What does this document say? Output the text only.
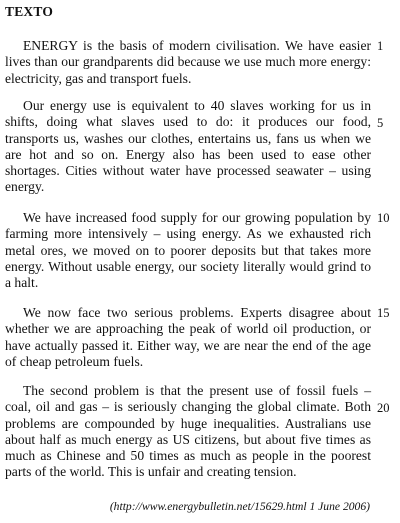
TEXTO

ENERGY is the basis of modern civilisation. We have easier lives than our grandparents did because we use much more energy: electricity, gas and transport fuels.

Our energy use is equivalent to 40 slaves working for us in shifts, doing what slaves used to do: it produces our food, transports us, washes our clothes, entertains us, fans us when we are hot and so on. Energy also has been used to ease other shortages. Cities without water have processed seawater – using energy.

We have increased food supply for our growing population by farming more intensively – using energy. As we exhausted rich metal ores, we moved on to poorer deposits but that takes more energy. Without usable energy, our society literally would grind to a halt.

We now face two serious problems. Experts disagree about whether we are approaching the peak of world oil production, or have actually passed it. Either way, we are near the end of the age of cheap petroleum fuels.

The second problem is that the present use of fossil fuels – coal, oil and gas – is seriously changing the global climate. Both problems are compounded by huge inequalities. Australians use about half as much energy as US citizens, but about five times as much as Chinese and 50 times as much as people in the poorest parts of the world. This is unfair and creating tension.

1
5
10
15
20
(http://www.energybulletin.net/15629.html 1 June 2006)
